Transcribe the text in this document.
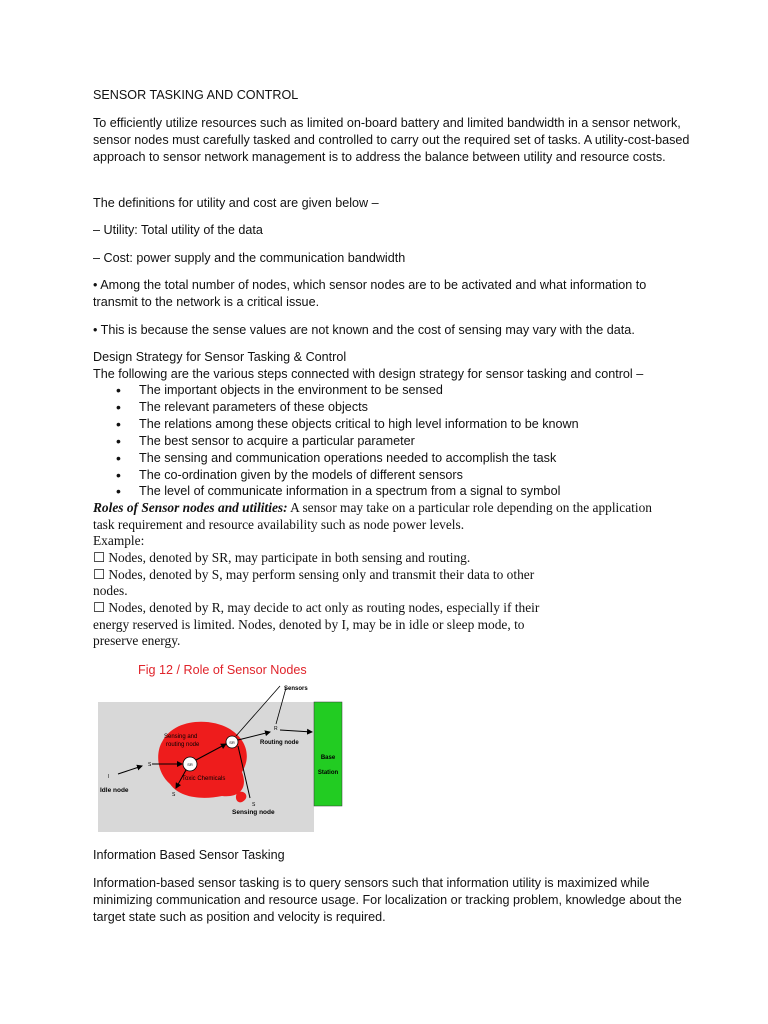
SENSOR TASKING AND CONTROL

To efficiently utilize resources such as limited on-board battery and limited bandwidth in a sensor network, sensor nodes must carefully tasked and controlled to carry out the required set of tasks. A utility-cost-based approach to sensor network management is to address the balance between utility and resource costs.

The definitions for utility and cost are given below –

– Utility: Total utility of the data

– Cost: power supply and the communication bandwidth

• Among the total number of nodes, which sensor nodes are to be activated and what information to transmit to the network is a critical issue.

• This is because the sense values are not known and the cost of sensing may vary with the data.

Design Strategy for Sensor Tasking & Control

The following are the various steps connected with design strategy for sensor tasking and control –

• The important objects in the environment to be sensed
• The relevant parameters of these objects
• The relations among these objects critical to high level information to be known
• The best sensor to acquire a particular parameter
• The sensing and communication operations needed to accomplish the task
• The co-ordination given by the models of different sensors
• The level of communicate information in a spectrum from a signal to symbol

Roles of Sensor nodes and utilities: A sensor may take on a particular role depending on the application task requirement and resource availability such as node power levels.

Example:

☐ Nodes, denoted by SR, may participate in both sensing and routing.

☐ Nodes, denoted by S, may perform sensing only and transmit their data to other

nodes.

☐ Nodes, denoted by R, may decide to act only as routing nodes, especially if their

energy reserved is limited. Nodes, denoted by I, may be in idle or sleep mode, to

preserve energy.

Fig 12 / Role of Sensor Nodes
Base
Station
SR
SR
I
S
S
S
R
Sensors
Sensing and
routing node	Routing node
Idle node
Toxic Chemicals
Sensing node

Information Based Sensor Tasking

Information-based sensor tasking is to query sensors such that information utility is maximized while minimizing communication and resource usage. For localization or tracking problem, knowledge about the target state such as position and velocity is required.
